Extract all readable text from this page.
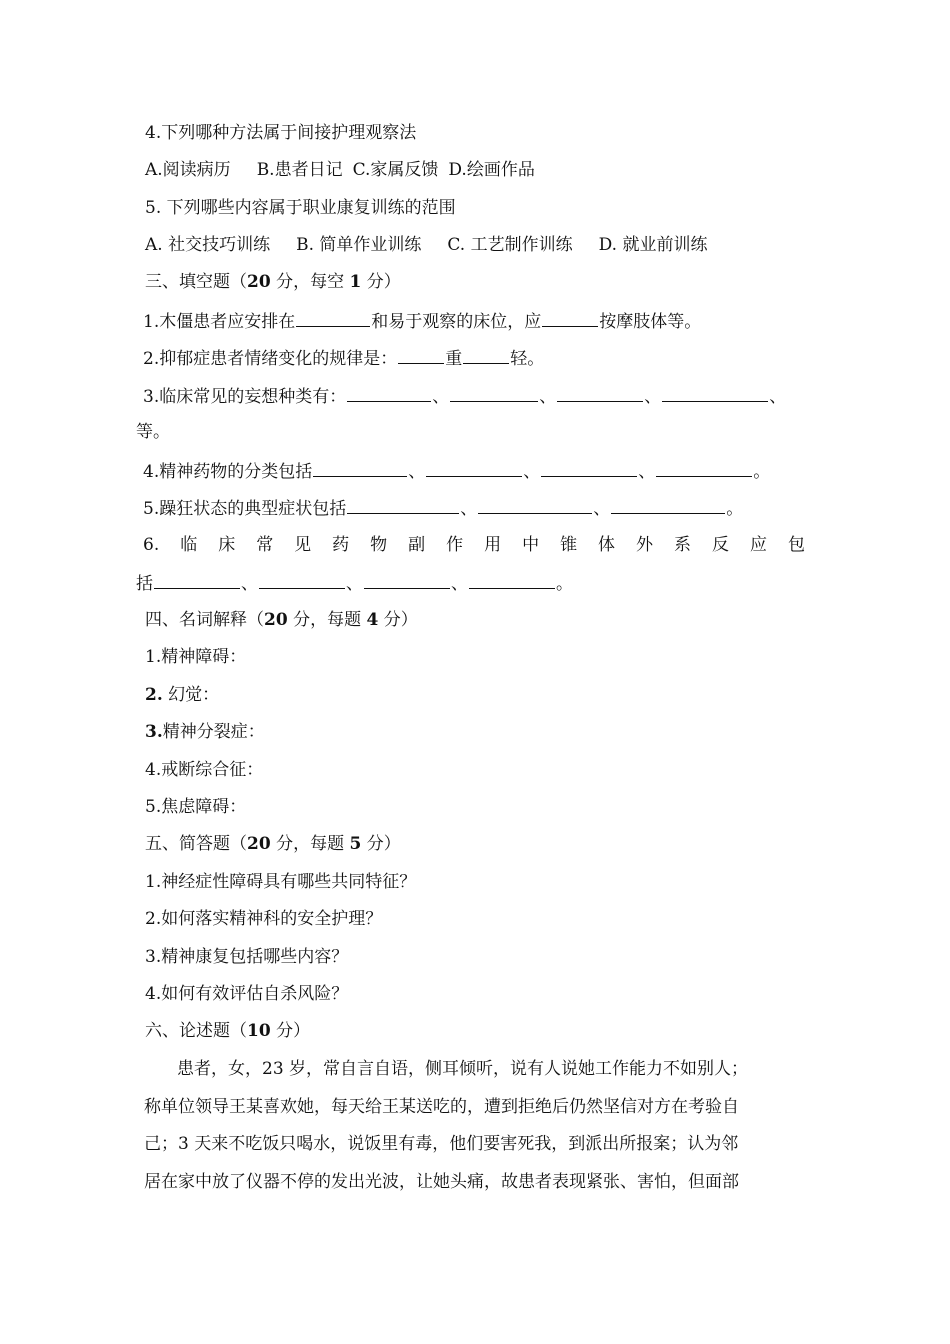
4.下列哪种方法属于间接护理观察法
A.阅读病历 B.患者日记 C.家属反馈 D.绘画作品
5. 下列哪些内容属于职业康复训练的范围
A. 社交技巧训练 B. 简单作业训练 C. 工艺制作训练 D. 就业前训练
三、填空题（20 分，每空 1 分）
1.木僵患者应安排在	和易于观察的床位，应	按摩肢体等。
2.抑郁症患者情绪变化的规律是：	重	轻。
3.临床常见的妄想种类有：	、	、	、	、
等。
4.精神药物的分类包括	、	、	、	。
5.躁狂状态的典型症状包括	、	、	。
6. 临 床 常 见 药 物 副 作 用 中 锥 体 外 系 反 应 包
括	、	、	、	。
四、名词解释（20 分，每题 4 分）
1.精神障碍：
2. 幻觉：
3.精神分裂症：
4.戒断综合征：
5.焦虑障碍：
五、简答题（20 分，每题 5 分）
1.神经症性障碍具有哪些共同特征？
2.如何落实精神科的安全护理？
3.精神康复包括哪些内容？
4.如何有效评估自杀风险？
六、论述题（10 分）
患者，女，23 岁，常自言自语，侧耳倾听，说有人说她工作能力不如别人；
称单位领导王某喜欢她，每天给王某送吃的，遭到拒绝后仍然坚信对方在考验自
己；3 天来不吃饭只喝水，说饭里有毒，他们要害死我，到派出所报案；认为邻
居在家中放了仪器不停的发出光波，让她头痛，故患者表现紧张、害怕，但面部
